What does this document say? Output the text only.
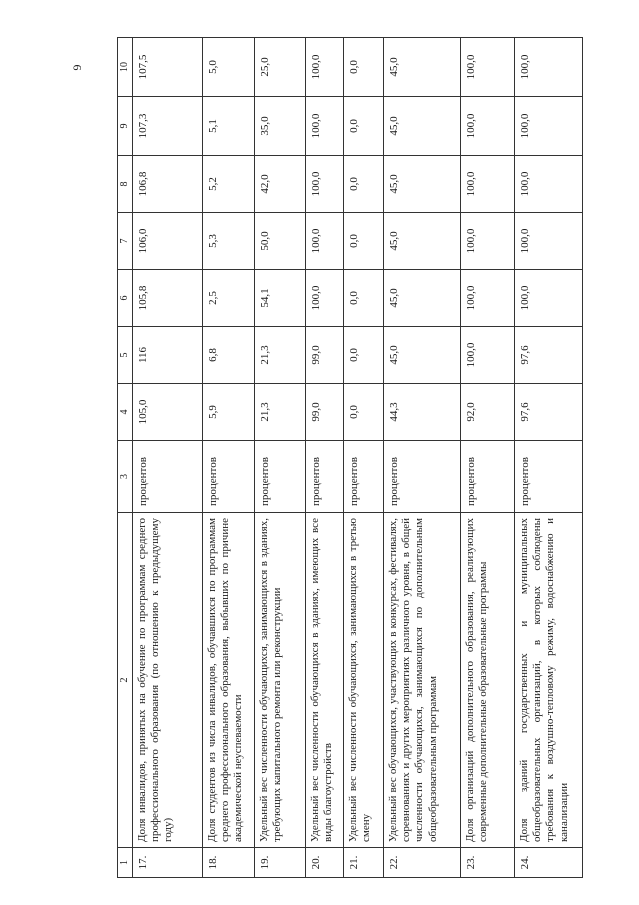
6
1	2	3	4	5	6	7	8	9	10
17.	Доля инвалидов, принятых на обучение по программам среднего профессионального образования (по отношению к предыдущему году)	процентов	105,0	116	105,8	106,0	106,8	107,3	107,5
18.	Доля студентов из числа инвалидов, обучавшихся по программам среднего профессионального образования, выбывших по причине академической неуспеваемости	процентов	5,9	6,8	2,5	5,3	5,2	5,1	5,0
19.	Удельный вес численности обучающихся, занимающихся в зданиях, требующих капитального ремонта или реконструкции	процентов	21,3	21,3	54,1	50,0	42,0	35,0	25,0
20.	Удельный вес численности обучающихся в зданиях, имеющих все виды благоустройств	процентов	99,0	99,0	100,0	100,0	100,0	100,0	100,0
21.	Удельный вес численности обучающихся, занимающихся в третью смену	процентов	0,0	0,0	0,0	0,0	0,0	0,0	0,0
22.	Удельный вес обучающихся, участвующих в конкурсах, фестивалях, соревнованиях и других мероприятиях различного уровня, в общей численности обучающихся, занимающихся по дополнительным общеобразовательным программам	процентов	44,3	45,0	45,0	45,0	45,0	45,0	45,0
23.	Доля организаций дополнительного образования, реализующих современные дополнительные образовательные программы	процентов	92,0	100,0	100,0	100,0	100,0	100,0	100,0
24.	Доля зданий государственных и муниципальных общеобразовательных организаций, в которых соблюдены требования к воздушно-тепловому режиму, водоснабжению и канализации	процентов	97,6	97,6	100,0	100,0	100,0	100,0	100,0
